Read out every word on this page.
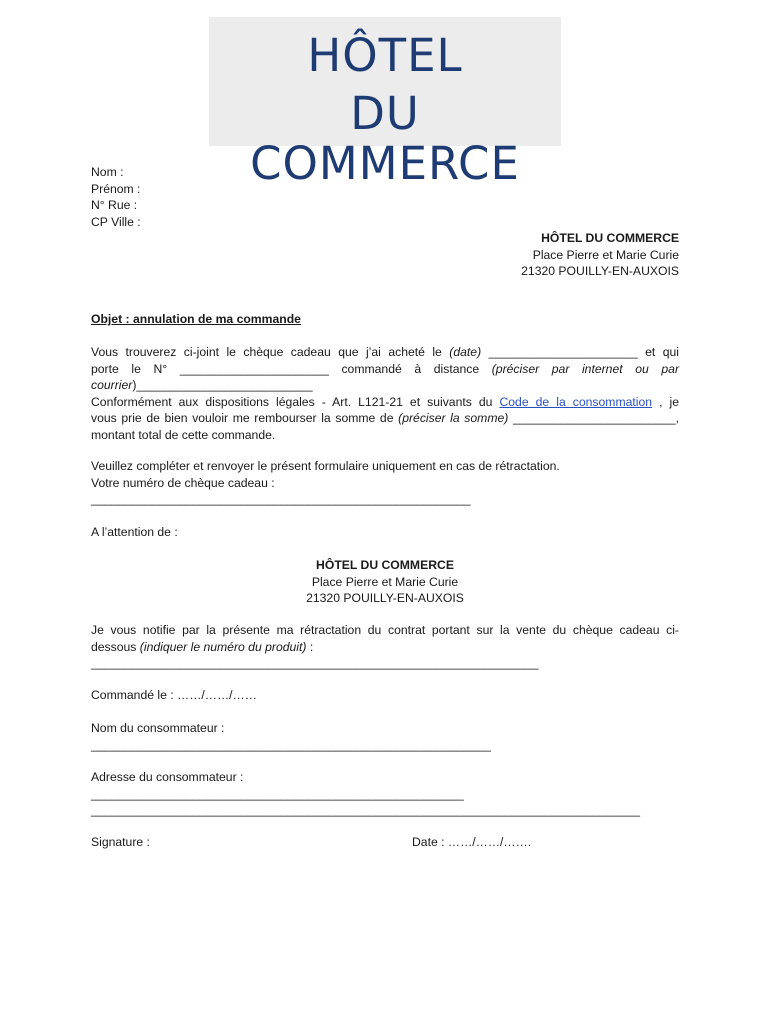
HÔTEL
DU COMMERCE
Nom :
Prénom :
N° Rue :
CP Ville :
HÔTEL DU COMMERCE
Place Pierre et Marie Curie
21320 POUILLY-EN-AUXOIS
Objet : annulation de ma commande
Vous trouverez ci-joint le chèque cadeau que j’ai acheté le (date) ______________________ et qui
porte le N° ______________________ commandé à distance (préciser par internet ou par
courrier)__________________________
Conformément aux dispositions légales - Art. L121-21 et suivants du Code de la consommation , je
vous prie de bien vouloir me rembourser la somme de (préciser la somme) ________________________,
montant total de cette commande.
Veuillez compléter et renvoyer le présent formulaire uniquement en cas de rétractation.
Votre numéro de chèque cadeau :
________________________________________________________
A l’attention de :
HÔTEL DU COMMERCE
Place Pierre et Marie Curie
21320 POUILLY-EN-AUXOIS
Je vous notifie par la présente ma rétractation du contrat portant sur la vente du chèque cadeau ci-
dessous (indiquer le numéro du produit) :
__________________________________________________________________
Commandé le : ……/……/……
Nom du consommateur :
___________________________________________________________
Adresse du consommateur :
_______________________________________________________
_________________________________________________________________________________
Signature :	Date : ……/……/…….
